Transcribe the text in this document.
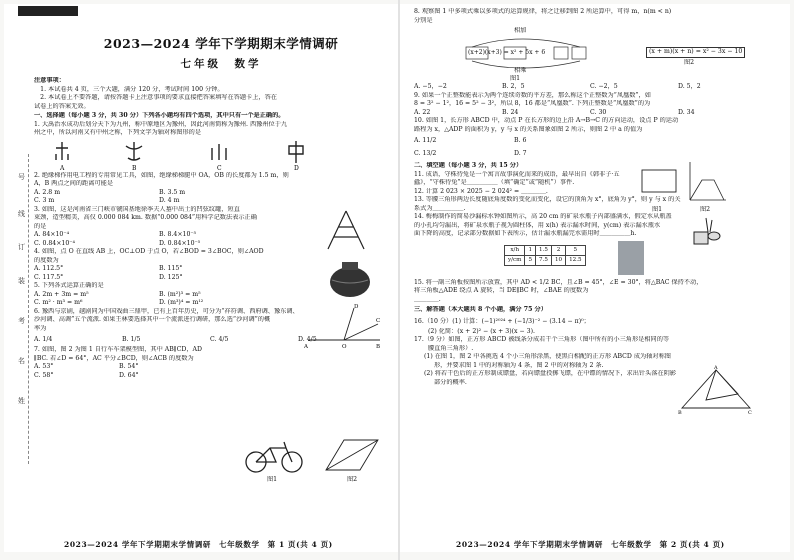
2023—2024 学年下学期期末学情调研
七年级　数学
号
线
订
装
考
名
姓
注意事项：
　1. 本试卷共 4 页，三个大题，满分 120 分，考试时间 100 分钟。
　2. 本试卷上不要答题，请按答题卡上注意事项的要求直接把答案填写在答题卡上，答在
试卷上的答案无效。
一、选择题（每小题 3 分，共 30 分）下列各小题均有四个选项，其中只有一个是正确的。
1. 大禹治水成功后划分天下为九州，称中原地区为豫州，因此河南简称为豫州. 西豫州位于九
州之中，所以河南又有中州之称，下列文字为轴对称图形的是
A	B	C	D
2. 绝缘梯作用电工程的专用常见工具，如图，绝缘梯梯腿中 OA，OB 的长度都为 1.5 m，则
A，B 两点之间的距离可能是
A. 2.8 m	B. 3.5 m
C. 3 m	D. 4 m
3. 如图，这是河南省三门峡市虢国基地徐季夫人墓中出土的凹弦纹罐，短直
束颈，造型精美，高仅 0.000 084 km. 数据“0.000 084”用科学记数法表示正确
的是
A. 84×10⁻⁴	B. 8.4×10⁻⁵
C. 0.84×10⁻⁴	D. 0.84×10⁻⁵
4. 如图，点 O 在直线 AB 上，OC⊥OD 于点 O，若∠BOD = 3∠BOC，则∠AOD
的度数为
A. 112.5°	B. 115°
C. 117.5°	D. 125°
5. 下列各式运算正确的是
A. 2m + 3m = m⁵	B. (m²)³ = m⁵
C. m² · m³ = m⁶	D. (m³)⁴ = m¹²
6. 豫西与京剧，越剧同为中国戏曲三鼎甲，已有上百年历史，可分为“祥符调、西府调、豫东调、
沙河调、高调”五个流派. 如果王林要选择其中一个流派进行调研，那么选“沙河调”的概
率为
A. 1/4	B. 1/5	C. 4/5	D. 4/5
7. 如图，图 2 为图 1 自行车车架模型图，其中 AB∥CD，AD
∥BC. 若∠D = 64°，AC 平分∠BCD，则∠ACB 的度数为
A. 53°	B. 54°
C. 58°	D. 64°
A	O	B
D
C
图1	图2
2023—2024 学年下学期期末学情调研　七年级数学　第 1 页(共 4 页)
8. 观察图 1 中多项式乘以多项式的运算规律，将之迁移到图 2 所运算中，可得 m，n(m < n)
分别是
相加
(x+2)(x+3) = x² + 5x + 6
相乘
(x + m)(x + n) = x² − 3x − 10
图1
图2
A. −5，−2	B. 2，5	C. −2，5	D. 5，2
9. 如果一个正整数能表示为两个连续奇数的平方差，那么称这个正整数为“凤凰数”，如
8 = 3² − 1²，16 = 5² − 3²，所以 8，16 都是“凤凰数”. 下列正整数是“凤凰数”的为
A. 22	B. 24	C. 30	D. 34
10. 如图 1，长方形 ABCD 中，动点 P 在长方形的边上沿 A→B→C 的方向运动，设点 P 的运动
路程为 x，△ADP 的面积为 y，y 与 x 的关系图象如图 2 所示，则图 2 中 a 的值为
A. 11/2	B. 6
C. 13/2	D. 7
二、填空题（每小题 3 分，共 15 分）
11. 成语，守株待兔是一个寓言故事演化而来的成语，最早出自《韩非子·五
蠹》，“守株待兔”是＿＿＿＿＿（填“确定”或“随机”）事件.
12. 计算 2 023 × 2025 − 2 024² = ＿＿＿＿.
13. 等腰三角形两边长度随底角度数的变化而变化，设它的顶角为 x°，底角为 y°，则 y 与 x 的关
系式为＿＿＿＿＿.
14. 梅梅制作的简易沙漏标水钟如图所示，高 20 cm 的矿泉水瓶子内部盛满水，假定水从瓶盖
的小孔均匀漏出，将矿泉水瓶子视为圆柱体，用 x(h) 表示漏水时间，y(cm) 表示漏水瓶水
面下降的高度，记录部分数据如下表所示，估计漏水瓶漏完水需用时＿＿＿＿＿h.
x/h	1	1.5	2	5
y/cm	5	7.5	10	12.5
15. 将一副三角板按图所示放置，其中 AD < 1/2 BC，且∠B = 45°，∠E = 30°，将△BAC 保持不动，
将三角板△ADE 绕点 A 旋转，当 DE∥BC 时，∠BAE 的度数为
＿＿＿＿.
三、解答题（本大题共 8 个小题，满分 75 分）
16.（10 分）(1) 计算：(−1)²⁰²⁴ + (−1/3)⁻² − (3.14 − π)⁰；
(2) 化简：(x + 2)² − (x + 3)(x − 3).
17.（9 分）如图，正方形 ABCD 被线条分成若干个三角形（图中所有的小三角形是相同的等
腰直角三角形）.
(1) 在图 1，图 2 中各挑选 4 个小三角形涂黑，使黑白相配的正方形 ABCD 成为轴对称图
形，并要求图 1 中的对称轴为 4 条，图 2 中的对称轴为 2 条.
(2) 将若干色后的正方形制成镖盘，若向镖盘投掷飞镖，在中镖的情况下，求出针头落在阴影
部分的概率.
图1	图2
B	C
A
2023—2024 学年下学期期末学情调研　七年级数学　第 2 页(共 4 页)
